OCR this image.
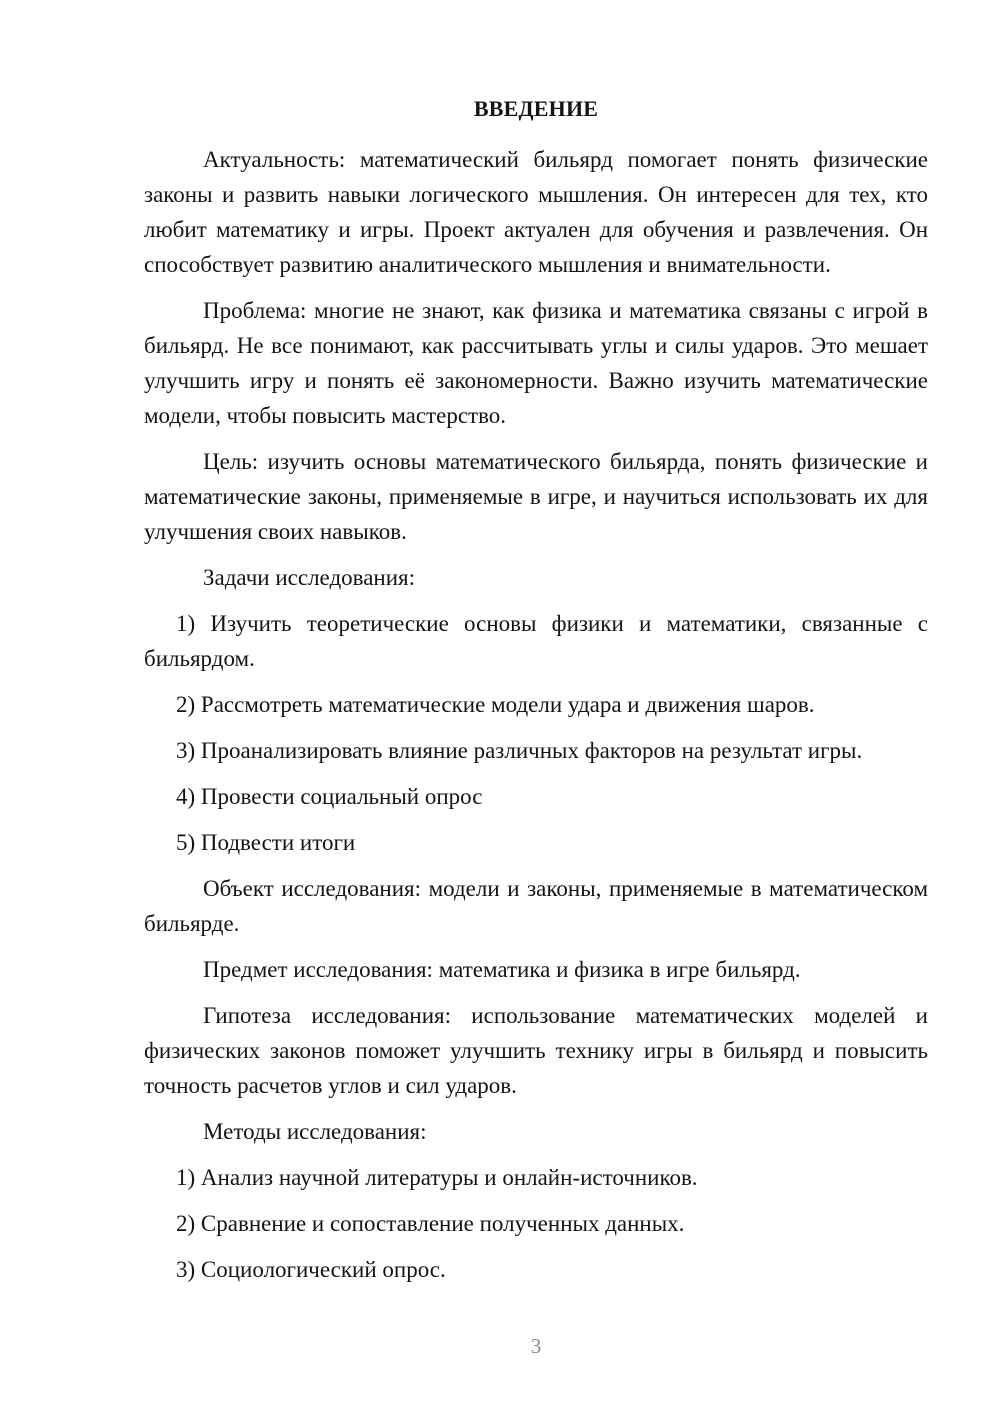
ВВЕДЕНИЕ

Актуальность: математический бильярд помогает понять физические законы и развить навыки логического мышления. Он интересен для тех, кто любит математику и игры. Проект актуален для обучения и развлечения. Он способствует развитию аналитического мышления и внимательности.

Проблема: многие не знают, как физика и математика связаны с игрой в бильярд. Не все понимают, как рассчитывать углы и силы ударов. Это мешает улучшить игру и понять её закономерности. Важно изучить математические модели, чтобы повысить мастерство.

Цель: изучить основы математического бильярда, понять физические и математические законы, применяемые в игре, и научиться использовать их для улучшения своих навыков.

Задачи исследования:

1) Изучить теоретические основы физики и математики, связанные с бильярдом.

2) Рассмотреть математические модели удара и движения шаров.

3) Проанализировать влияние различных факторов на результат игры.

4) Провести социальный опрос

5) Подвести итоги

Объект исследования: модели и законы, применяемые в математическом бильярде.

Предмет исследования: математика и физика в игре бильярд.

Гипотеза исследования: использование математических моделей и физических законов поможет улучшить технику игры в бильярд и повысить точность расчетов углов и сил ударов.

Методы исследования:

1) Анализ научной литературы и онлайн-источников.

2) Сравнение и сопоставление полученных данных.

3) Социологический опрос.

3
